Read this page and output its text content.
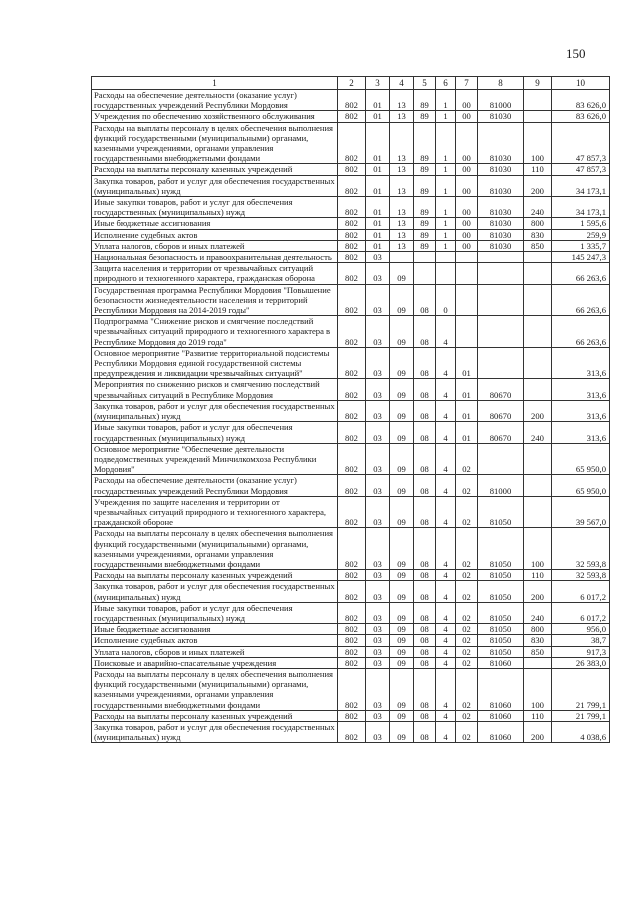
150
1	2	3	4	5	6	7	8	9	10
Расходы на обеспечение деятельности (оказание услуг) государственных учреждений Республики Мордовия	802	01	13	89	1	00	81000		83 626,0
Учреждения по обеспечению хозяйственного обслуживания	802	01	13	89	1	00	81030		83 626,0
Расходы на выплаты персоналу в целях обеспечения выполнения функций государственными (муниципальными) органами, казенными учреждениями, органами управления государственными внебюджетными фондами	802	01	13	89	1	00	81030	100	47 857,3
Расходы на выплаты персоналу казенных учреждений	802	01	13	89	1	00	81030	110	47 857,3
Закупка товаров, работ и услуг для обеспечения государственных (муниципальных) нужд	802	01	13	89	1	00	81030	200	34 173,1
Иные закупки товаров, работ и услуг для обеспечения государственных (муниципальных) нужд	802	01	13	89	1	00	81030	240	34 173,1
Иные бюджетные ассигнования	802	01	13	89	1	00	81030	800	1 595,6
Исполнение судебных актов	802	01	13	89	1	00	81030	830	259,9
Уплата налогов, сборов и иных платежей	802	01	13	89	1	00	81030	850	1 335,7
Национальная безопасность и правоохранительная деятельность	802	03							145 247,3
Защита населения и территории от чрезвычайных ситуаций природного и техногенного характера, гражданская оборона	802	03	09						66 263,6
Государственная программа Республики Мордовия "Повышение безопасности жизнедеятельности населения и территорий Республики Мордовия на 2014-2019 годы"	802	03	09	08	0				66 263,6
Подпрограмма "Снижение рисков и смягчение последствий чрезвычайных ситуаций природного и техногенного характера в Республике Мордовия до 2019 года"	802	03	09	08	4				66 263,6
Основное мероприятие "Развитие территориальной подсистемы Республики Мордовия единой государственной системы предупреждения и ликвидации чрезвычайных ситуаций"	802	03	09	08	4	01			313,6
Мероприятия по снижению рисков и смягчению последствий чрезвычайных ситуаций в Республике Мордовия	802	03	09	08	4	01	80670		313,6
Закупка товаров, работ и услуг для обеспечения государственных (муниципальных) нужд	802	03	09	08	4	01	80670	200	313,6
Иные закупки товаров, работ и услуг для обеспечения государственных (муниципальных) нужд	802	03	09	08	4	01	80670	240	313,6
Основное мероприятие "Обеспечение деятельности подведомственных учреждений Минчилкомхоза Республики Мордовия"	802	03	09	08	4	02			65 950,0
Расходы на обеспечение деятельности (оказание услуг) государственных учреждений Республики Мордовия	802	03	09	08	4	02	81000		65 950,0
Учреждения по защите населения и территории от чрезвычайных ситуаций природного и техногенного характера, гражданской обороне	802	03	09	08	4	02	81050		39 567,0
Расходы на выплаты персоналу в целях обеспечения выполнения функций государственными (муниципальными) органами, казенными учреждениями, органами управления государственными внебюджетными фондами	802	03	09	08	4	02	81050	100	32 593,8
Расходы на выплаты персоналу казенных учреждений	802	03	09	08	4	02	81050	110	32 593,8
Закупка товаров, работ и услуг для обеспечения государственных (муниципальных) нужд	802	03	09	08	4	02	81050	200	6 017,2
Иные закупки товаров, работ и услуг для обеспечения государственных (муниципальных) нужд	802	03	09	08	4	02	81050	240	6 017,2
Иные бюджетные ассигнования	802	03	09	08	4	02	81050	800	956,0
Исполнение судебных актов	802	03	09	08	4	02	81050	830	38,7
Уплата налогов, сборов и иных платежей	802	03	09	08	4	02	81050	850	917,3
Поисковые и аварийно-спасательные учреждения	802	03	09	08	4	02	81060		26 383,0
Расходы на выплаты персоналу в целях обеспечения выполнения функций государственными (муниципальными) органами, казенными учреждениями, органами управления государственными внебюджетными фондами	802	03	09	08	4	02	81060	100	21 799,1
Расходы на выплаты персоналу казенных учреждений	802	03	09	08	4	02	81060	110	21 799,1
Закупка товаров, работ и услуг для обеспечения государственных (муниципальных) нужд	802	03	09	08	4	02	81060	200	4 038,6
